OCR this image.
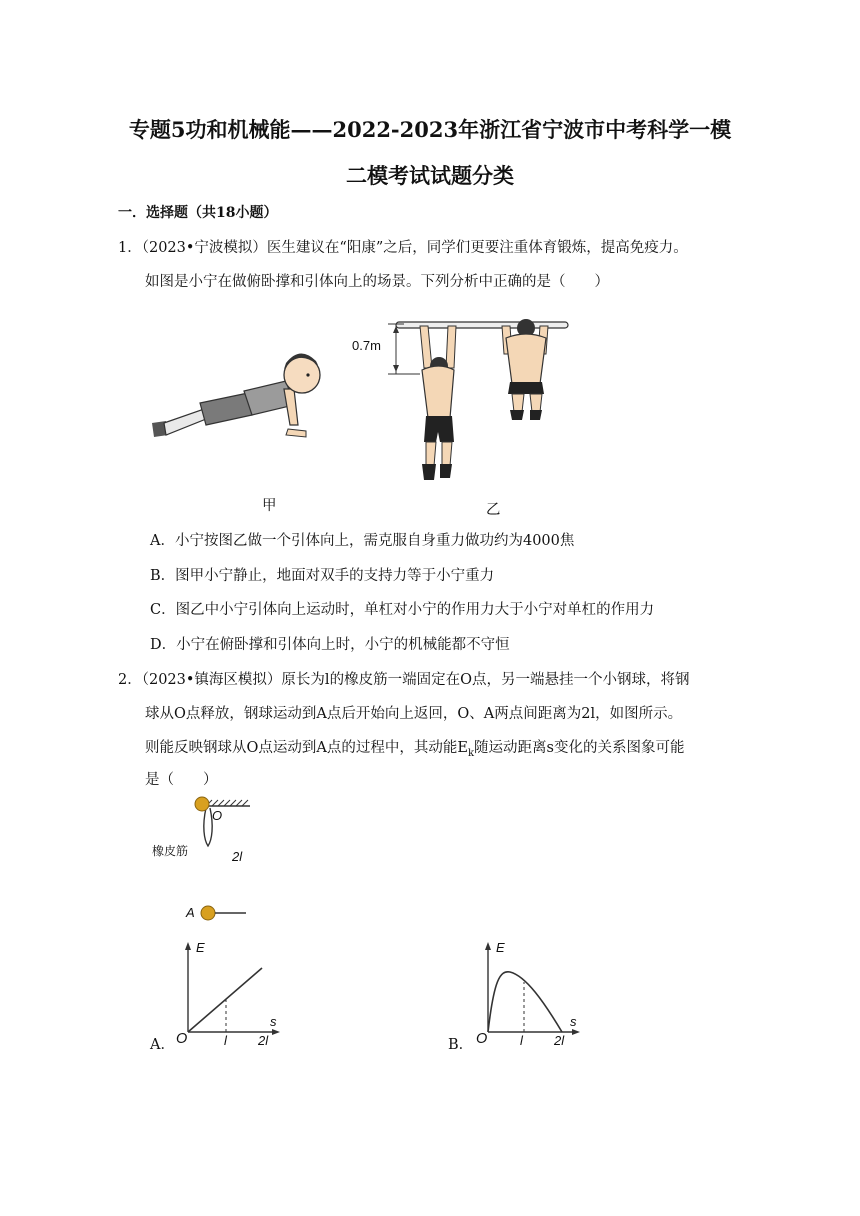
专题5功和机械能——2022-2023年浙江省宁波市中考科学一模
二模考试试题分类
一．选择题（共18小题）
1．（2023•宁波模拟）医生建议在“阳康”之后，同学们更要注重体育锻炼，提高免疫力。
如图是小宁在做俯卧撑和引体向上的场景。下列分析中正确的是（　　）
甲
0.7m
乙
A．小宁按图乙做一个引体向上，需克服自身重力做功约为4000焦
B．图甲小宁静止，地面对双手的支持力等于小宁重力
C．图乙中小宁引体向上运动时，单杠对小宁的作用力大于小宁对单杠的作用力
D．小宁在俯卧撑和引体向上时，小宁的机械能都不守恒
2．（2023•镇海区模拟）原长为l的橡皮筋一端固定在O点，另一端悬挂一个小钢球，将钢
球从O点释放，钢球运动到A点后开始向上返回，O、A两点间距离为2l，如图所示。
则能反映钢球从O点运动到A点的过程中，其动能$E_k$随运动距离s变化的关系图象可能
是（　　）
O
橡皮筋	2l
A
A． O
E
s
l 2l	B． O
E
s
l 2l
